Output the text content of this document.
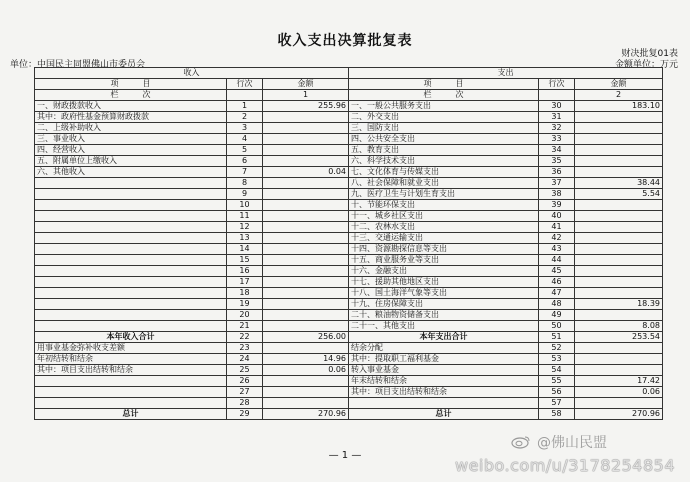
收入支出决算批复表
财决批复01表
单位：中国民主同盟佛山市委员会	金额单位：万元
收入			支出		
项　　　目	行次	金额	项　　　目	行次	金额
栏　　　次		1	栏　　　次		2
一、财政拨款收入	1	255.96	一、一般公共服务支出	30	183.10
其中：政府性基金预算财政拨款	2		二、外交支出	31	
二、上级补助收入	3		三、国防支出	32	
三、事业收入	4		四、公共安全支出	33	
四、经营收入	5		五、教育支出	34	
五、附属单位上缴收入	6		六、科学技术支出	35	
六、其他收入	7	0.04	七、文化体育与传媒支出	36	
	8		八、社会保障和就业支出	37	38.44
	9		九、医疗卫生与计划生育支出	38	5.54
	10		十、节能环保支出	39	
	11		十一、城乡社区支出	40	
	12		十二、农林水支出	41	
	13		十三、交通运输支出	42	
	14		十四、资源勘探信息等支出	43	
	15		十五、商业服务业等支出	44	
	16		十六、金融支出	45	
	17		十七、援助其他地区支出	46	
	18		十八、国土海洋气象等支出	47	
	19		十九、住房保障支出	48	18.39
	20		二十、粮油物资储备支出	49	
	21		二十一、其他支出	50	8.08
本年收入合计	22	256.00	本年支出合计	51	253.54
用事业基金弥补收支差额	23		结余分配	52	
年初结转和结余	24	14.96	其中：提取职工福利基金	53	
其中：项目支出结转和结余	25	0.06	转入事业基金	54	
	26		年末结转和结余	55	17.42
	27		其中：项目支出结转和结余	56	0.06
	28			57	
总计	29	270.96	总计	58	270.96
— 1 —
@佛山民盟
weibo.com/u/3178254854
